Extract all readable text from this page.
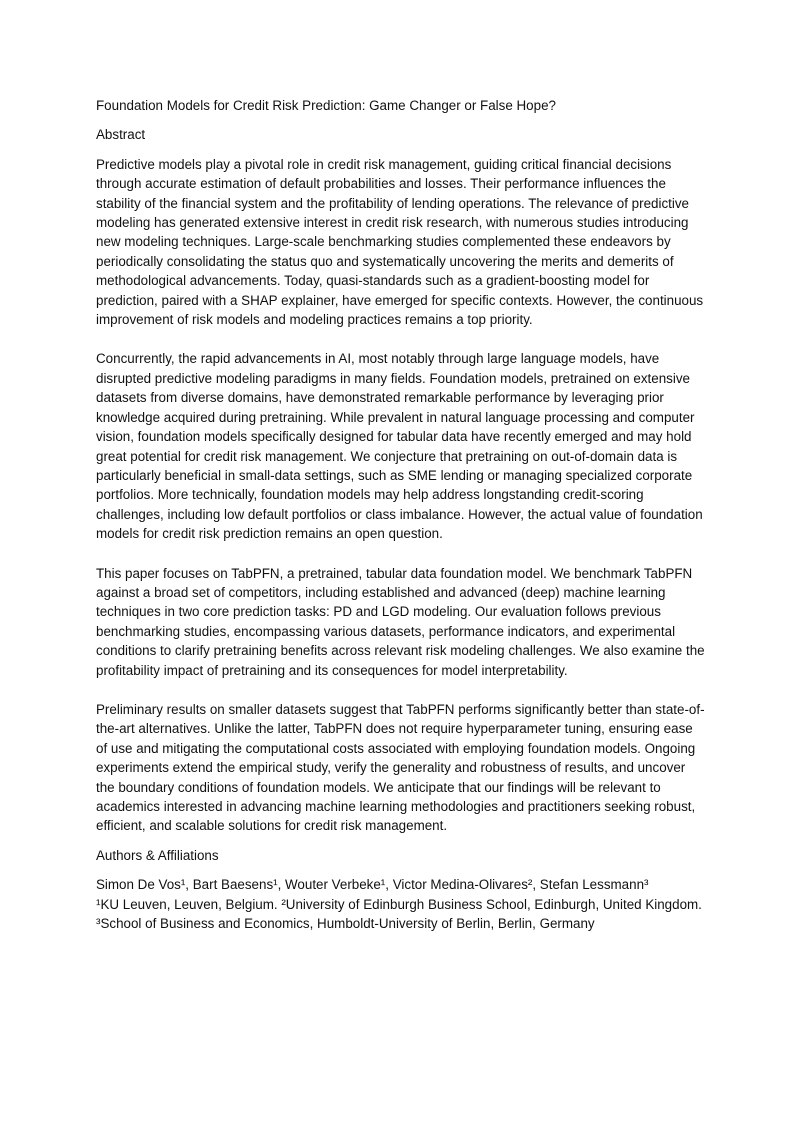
Foundation Models for Credit Risk Prediction: Game Changer or False Hope?

Abstract

Predictive models play a pivotal role in credit risk management, guiding critical financial decisions through accurate estimation of default probabilities and losses. Their performance influences the stability of the financial system and the profitability of lending operations. The relevance of predictive modeling has generated extensive interest in credit risk research, with numerous studies introducing new modeling techniques. Large-scale benchmarking studies complemented these endeavors by periodically consolidating the status quo and systematically uncovering the merits and demerits of methodological advancements. Today, quasi-standards such as a gradient-boosting model for prediction, paired with a SHAP explainer, have emerged for specific contexts. However, the continuous improvement of risk models and modeling practices remains a top priority.

Concurrently, the rapid advancements in AI, most notably through large language models, have disrupted predictive modeling paradigms in many fields. Foundation models, pretrained on extensive datasets from diverse domains, have demonstrated remarkable performance by leveraging prior knowledge acquired during pretraining. While prevalent in natural language processing and computer vision, foundation models specifically designed for tabular data have recently emerged and may hold great potential for credit risk management. We conjecture that pretraining on out-of-domain data is particularly beneficial in small-data settings, such as SME lending or managing specialized corporate portfolios. More technically, foundation models may help address longstanding credit-scoring challenges, including low default portfolios or class imbalance. However, the actual value of foundation models for credit risk prediction remains an open question.

This paper focuses on TabPFN, a pretrained, tabular data foundation model. We benchmark TabPFN against a broad set of competitors, including established and advanced (deep) machine learning techniques in two core prediction tasks: PD and LGD modeling. Our evaluation follows previous benchmarking studies, encompassing various datasets, performance indicators, and experimental conditions to clarify pretraining benefits across relevant risk modeling challenges. We also examine the profitability impact of pretraining and its consequences for model interpretability.

Preliminary results on smaller datasets suggest that TabPFN performs significantly better than state-of-the-art alternatives. Unlike the latter, TabPFN does not require hyperparameter tuning, ensuring ease of use and mitigating the computational costs associated with employing foundation models. Ongoing experiments extend the empirical study, verify the generality and robustness of results, and uncover the boundary conditions of foundation models. We anticipate that our findings will be relevant to academics interested in advancing machine learning methodologies and practitioners seeking robust, efficient, and scalable solutions for credit risk management.

Authors & Affiliations

Simon De Vos¹, Bart Baesens¹, Wouter Verbeke¹, Victor Medina-Olivares², Stefan Lessmann³

¹KU Leuven, Leuven, Belgium. ²University of Edinburgh Business School, Edinburgh, United Kingdom.

³School of Business and Economics, Humboldt-University of Berlin, Berlin, Germany
